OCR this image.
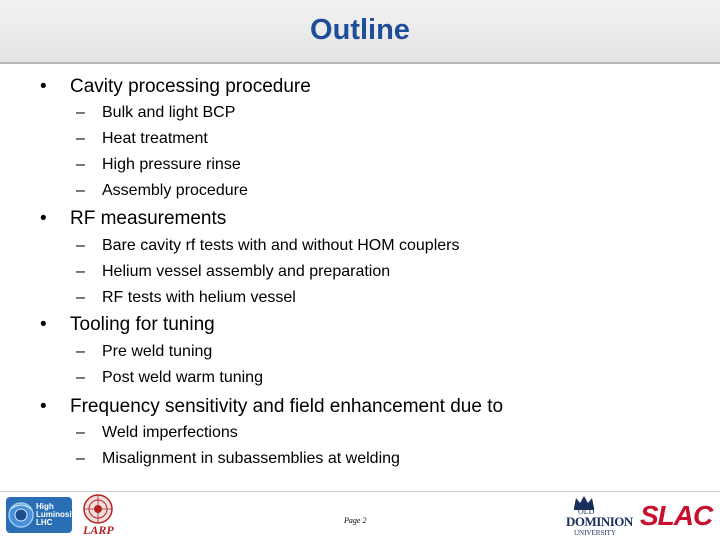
Outline
• Cavity processing procedure
– Bulk and light BCP
– Heat treatment
– High pressure rinse
– Assembly procedure
• RF measurements
– Bare cavity rf tests with and without HOM couplers
– Helium vessel assembly and preparation
– RF tests with helium vessel
• Tooling for tuning
– Pre weld tuning
– Post weld warm tuning
• Frequency sensitivity and field enhancement due to
– Weld imperfections
– Misalignment in subassemblies at welding
High
Luminosity
LHC
LARP
Page 2
OLD
DOMINION
UNIVERSITY
SLAC
